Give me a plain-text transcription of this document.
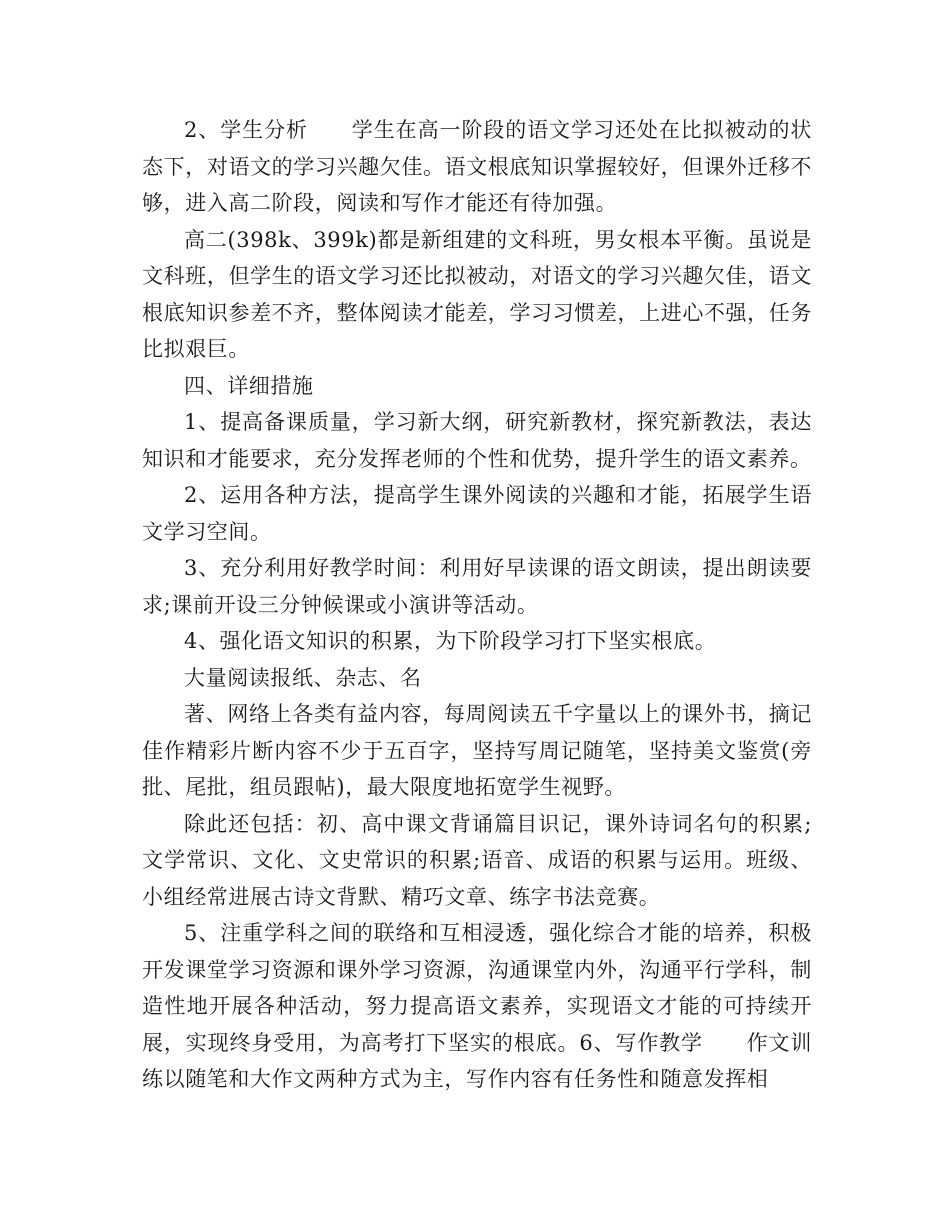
2、学生分析　　学生在高一阶段的语文学习还处在比拟被动的状态下，对语文的学习兴趣欠佳。语文根底知识掌握较好，但课外迁移不够，进入高二阶段，阅读和写作才能还有待加强。

高二(398k、399k)都是新组建的文科班，男女根本平衡。虽说是文科班，但学生的语文学习还比拟被动，对语文的学习兴趣欠佳，语文根底知识参差不齐，整体阅读才能差，学习习惯差，上进心不强，任务比拟艰巨。

四、详细措施

1、提高备课质量，学习新大纲，研究新教材，探究新教法，表达知识和才能要求，充分发挥老师的个性和优势，提升学生的语文素养。

2、运用各种方法，提高学生课外阅读的兴趣和才能，拓展学生语文学习空间。

3、充分利用好教学时间：利用好早读课的语文朗读，提出朗读要求;课前开设三分钟候课或小演讲等活动。

4、强化语文知识的积累，为下阶段学习打下坚实根底。

大量阅读报纸、杂志、名

著、网络上各类有益内容，每周阅读五千字量以上的课外书，摘记佳作精彩片断内容不少于五百字，坚持写周记随笔，坚持美文鉴赏(旁批、尾批，组员跟帖)，最大限度地拓宽学生视野。

除此还包括：初、高中课文背诵篇目识记，课外诗词名句的积累;文学常识、文化、文史常识的积累;语音、成语的积累与运用。班级、小组经常进展古诗文背默、精巧文章、练字书法竞赛。

5、注重学科之间的联络和互相浸透，强化综合才能的培养，积极开发课堂学习资源和课外学习资源，沟通课堂内外，沟通平行学科，制造性地开展各种活动，努力提高语文素养，实现语文才能的可持续开展，实现终身受用，为高考打下坚实的根底。6、写作教学　　作文训练以随笔和大作文两种方式为主，写作内容有任务性和随意发挥相
